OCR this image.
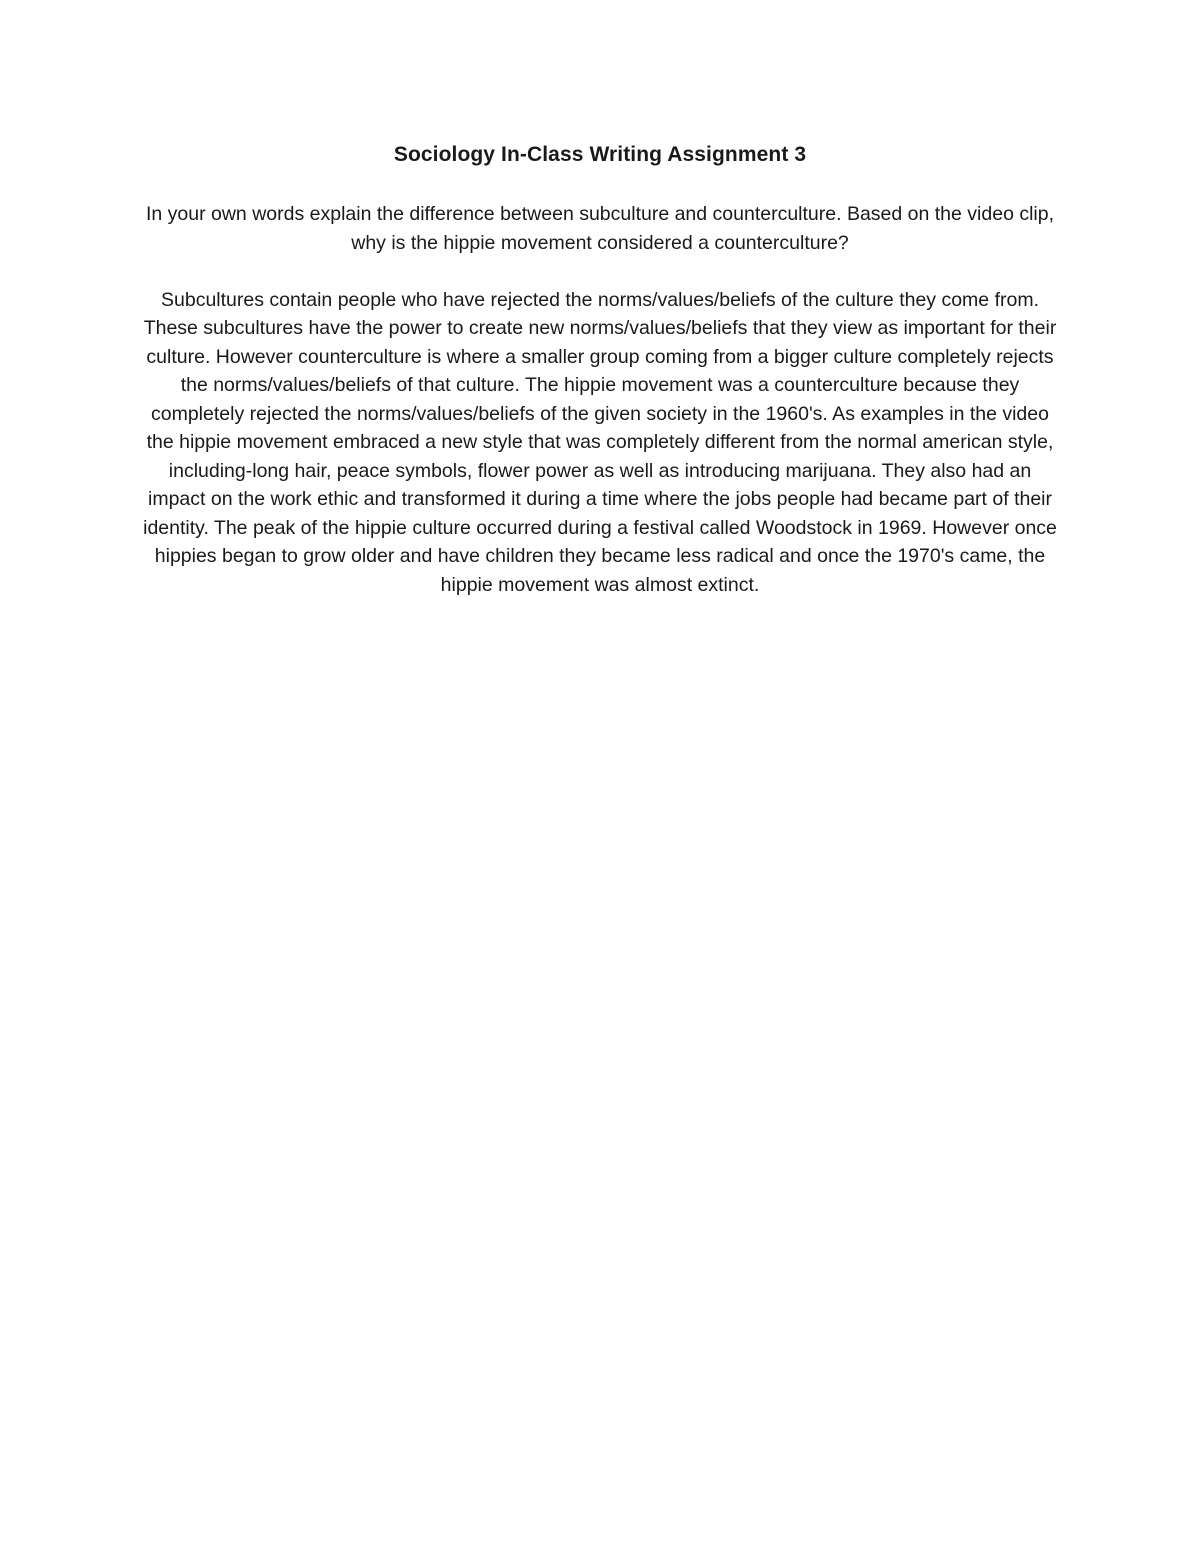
Sociology In-Class Writing Assignment 3

In your own words explain the difference between subculture and counterculture. Based on the video clip, why is the hippie movement considered a counterculture?

Subcultures contain people who have rejected the norms/values/beliefs of the culture they come from. These subcultures have the power to create new norms/values/beliefs that they view as important for their culture. However counterculture is where a smaller group coming from a bigger culture completely rejects the norms/values/beliefs of that culture. The hippie movement was a counterculture because they completely rejected the norms/values/beliefs of the given society in the 1960's. As examples in the video the hippie movement embraced a new style that was completely different from the normal american style, including-long hair, peace symbols, flower power as well as introducing marijuana. They also had an impact on the work ethic and transformed it during a time where the jobs people had became part of their identity. The peak of the hippie culture occurred during a festival called Woodstock in 1969. However once hippies began to grow older and have children they became less radical and once the 1970's came, the hippie movement was almost extinct.
